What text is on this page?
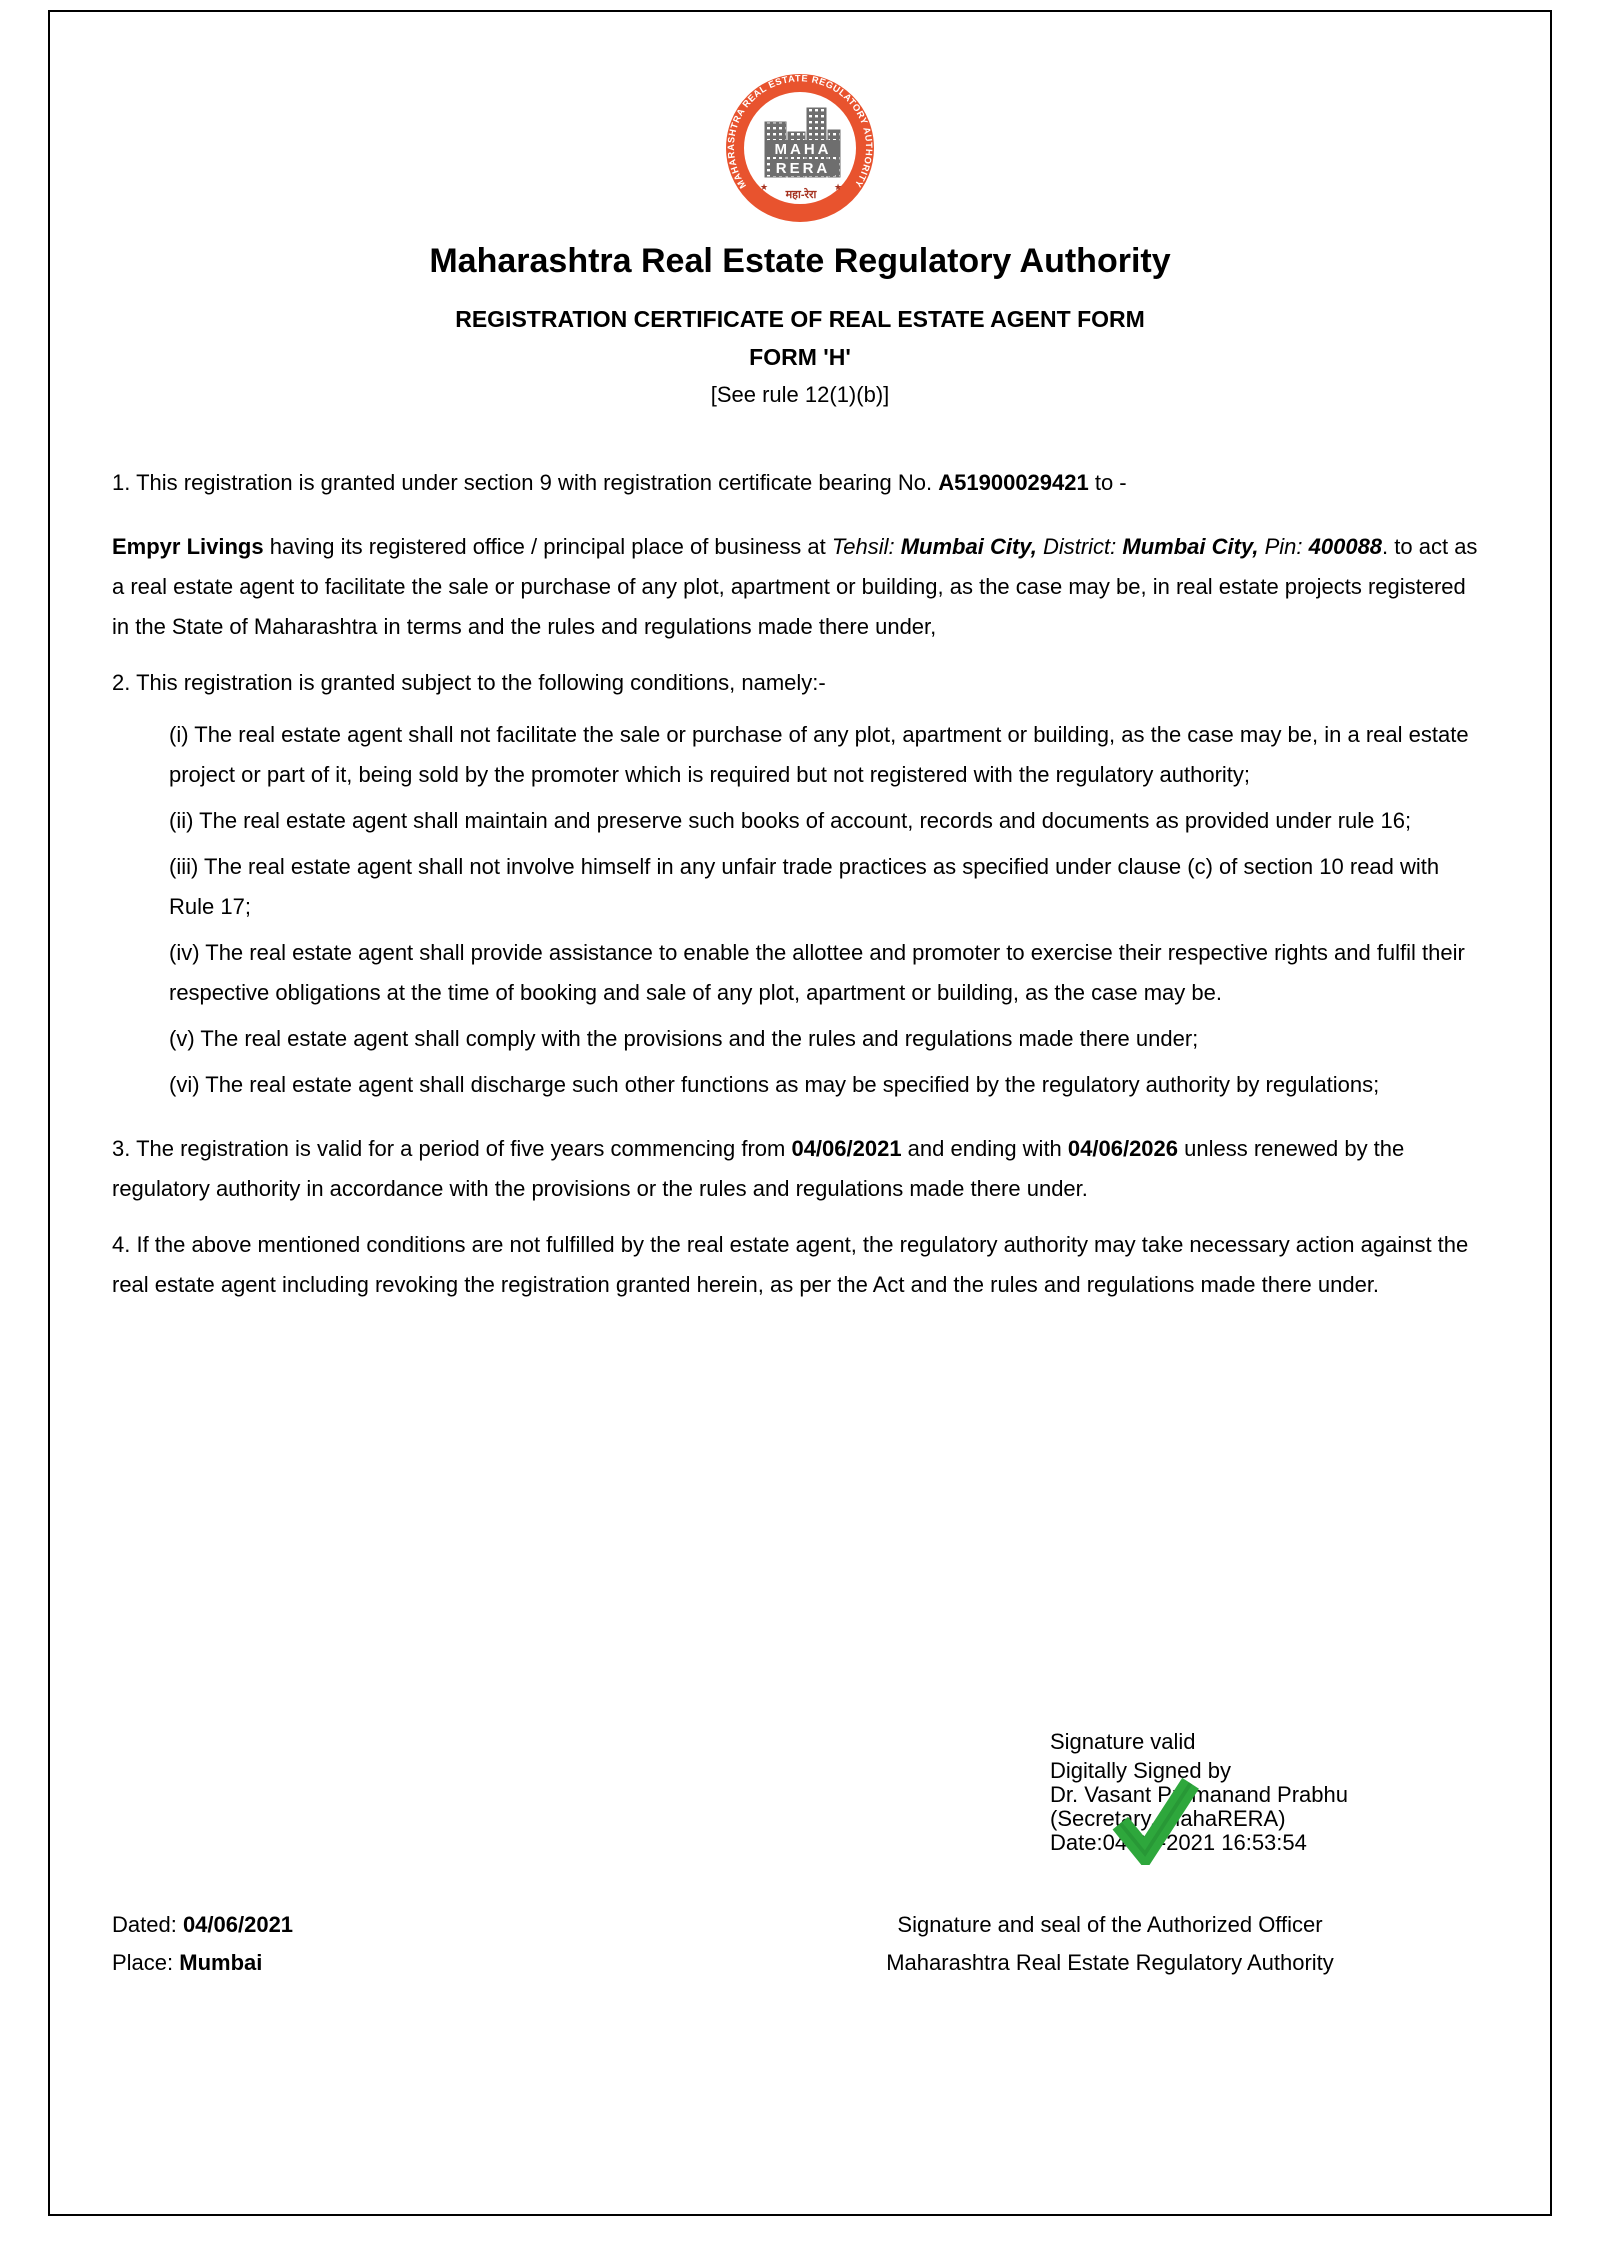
MAHARASHTRA REAL ESTATE REGULATORY AUTHORITY
MAHA
RERA
★	★
महा-रेरा
Maharashtra Real Estate Regulatory Authority
REGISTRATION CERTIFICATE OF REAL ESTATE AGENT FORM
FORM 'H'
[See rule 12(1)(b)]

1. This registration is granted under section 9 with registration certificate bearing No. A51900029421 to -

Empyr Livings having its registered office / principal place of business at Tehsil: Mumbai City, District: Mumbai City, Pin: 400088. to act as a real estate agent to facilitate the sale or purchase of any plot, apartment or building, as the case may be, in real estate projects registered in the State of Maharashtra in terms and the rules and regulations made there under,

2. This registration is granted subject to the following conditions, namely:-

(i) The real estate agent shall not facilitate the sale or purchase of any plot, apartment or building, as the case may be, in a real estate project or part of it, being sold by the promoter which is required but not registered with the regulatory authority;

(ii) The real estate agent shall maintain and preserve such books of account, records and documents as provided under rule 16;

(iii) The real estate agent shall not involve himself in any unfair trade practices as specified under clause (c) of section 10 read with Rule 17;

(iv) The real estate agent shall provide assistance to enable the allottee and promoter to exercise their respective rights and fulfil their respective obligations at the time of booking and sale of any plot, apartment or building, as the case may be.

(v) The real estate agent shall comply with the provisions and the rules and regulations made there under;

(vi) The real estate agent shall discharge such other functions as may be specified by the regulatory authority by regulations;

3. The registration is valid for a period of five years commencing from 04/06/2021 and ending with 04/06/2026 unless renewed by the regulatory authority in accordance with the provisions or the rules and regulations made there under.

4. If the above mentioned conditions are not fulfilled by the real estate agent, the regulatory authority may take necessary action against the real estate agent including revoking the registration granted herein, as per the Act and the rules and regulations made there under.

Signature valid
Digitally Signed by
Dr. Vasant Premanand Prabhu
(Secretary, MahaRERA)
Date:04-06-2021 16:53:54
Dated: 04/06/2021
Place: Mumbai
Signature and seal of the Authorized Officer
Maharashtra Real Estate Regulatory Authority
